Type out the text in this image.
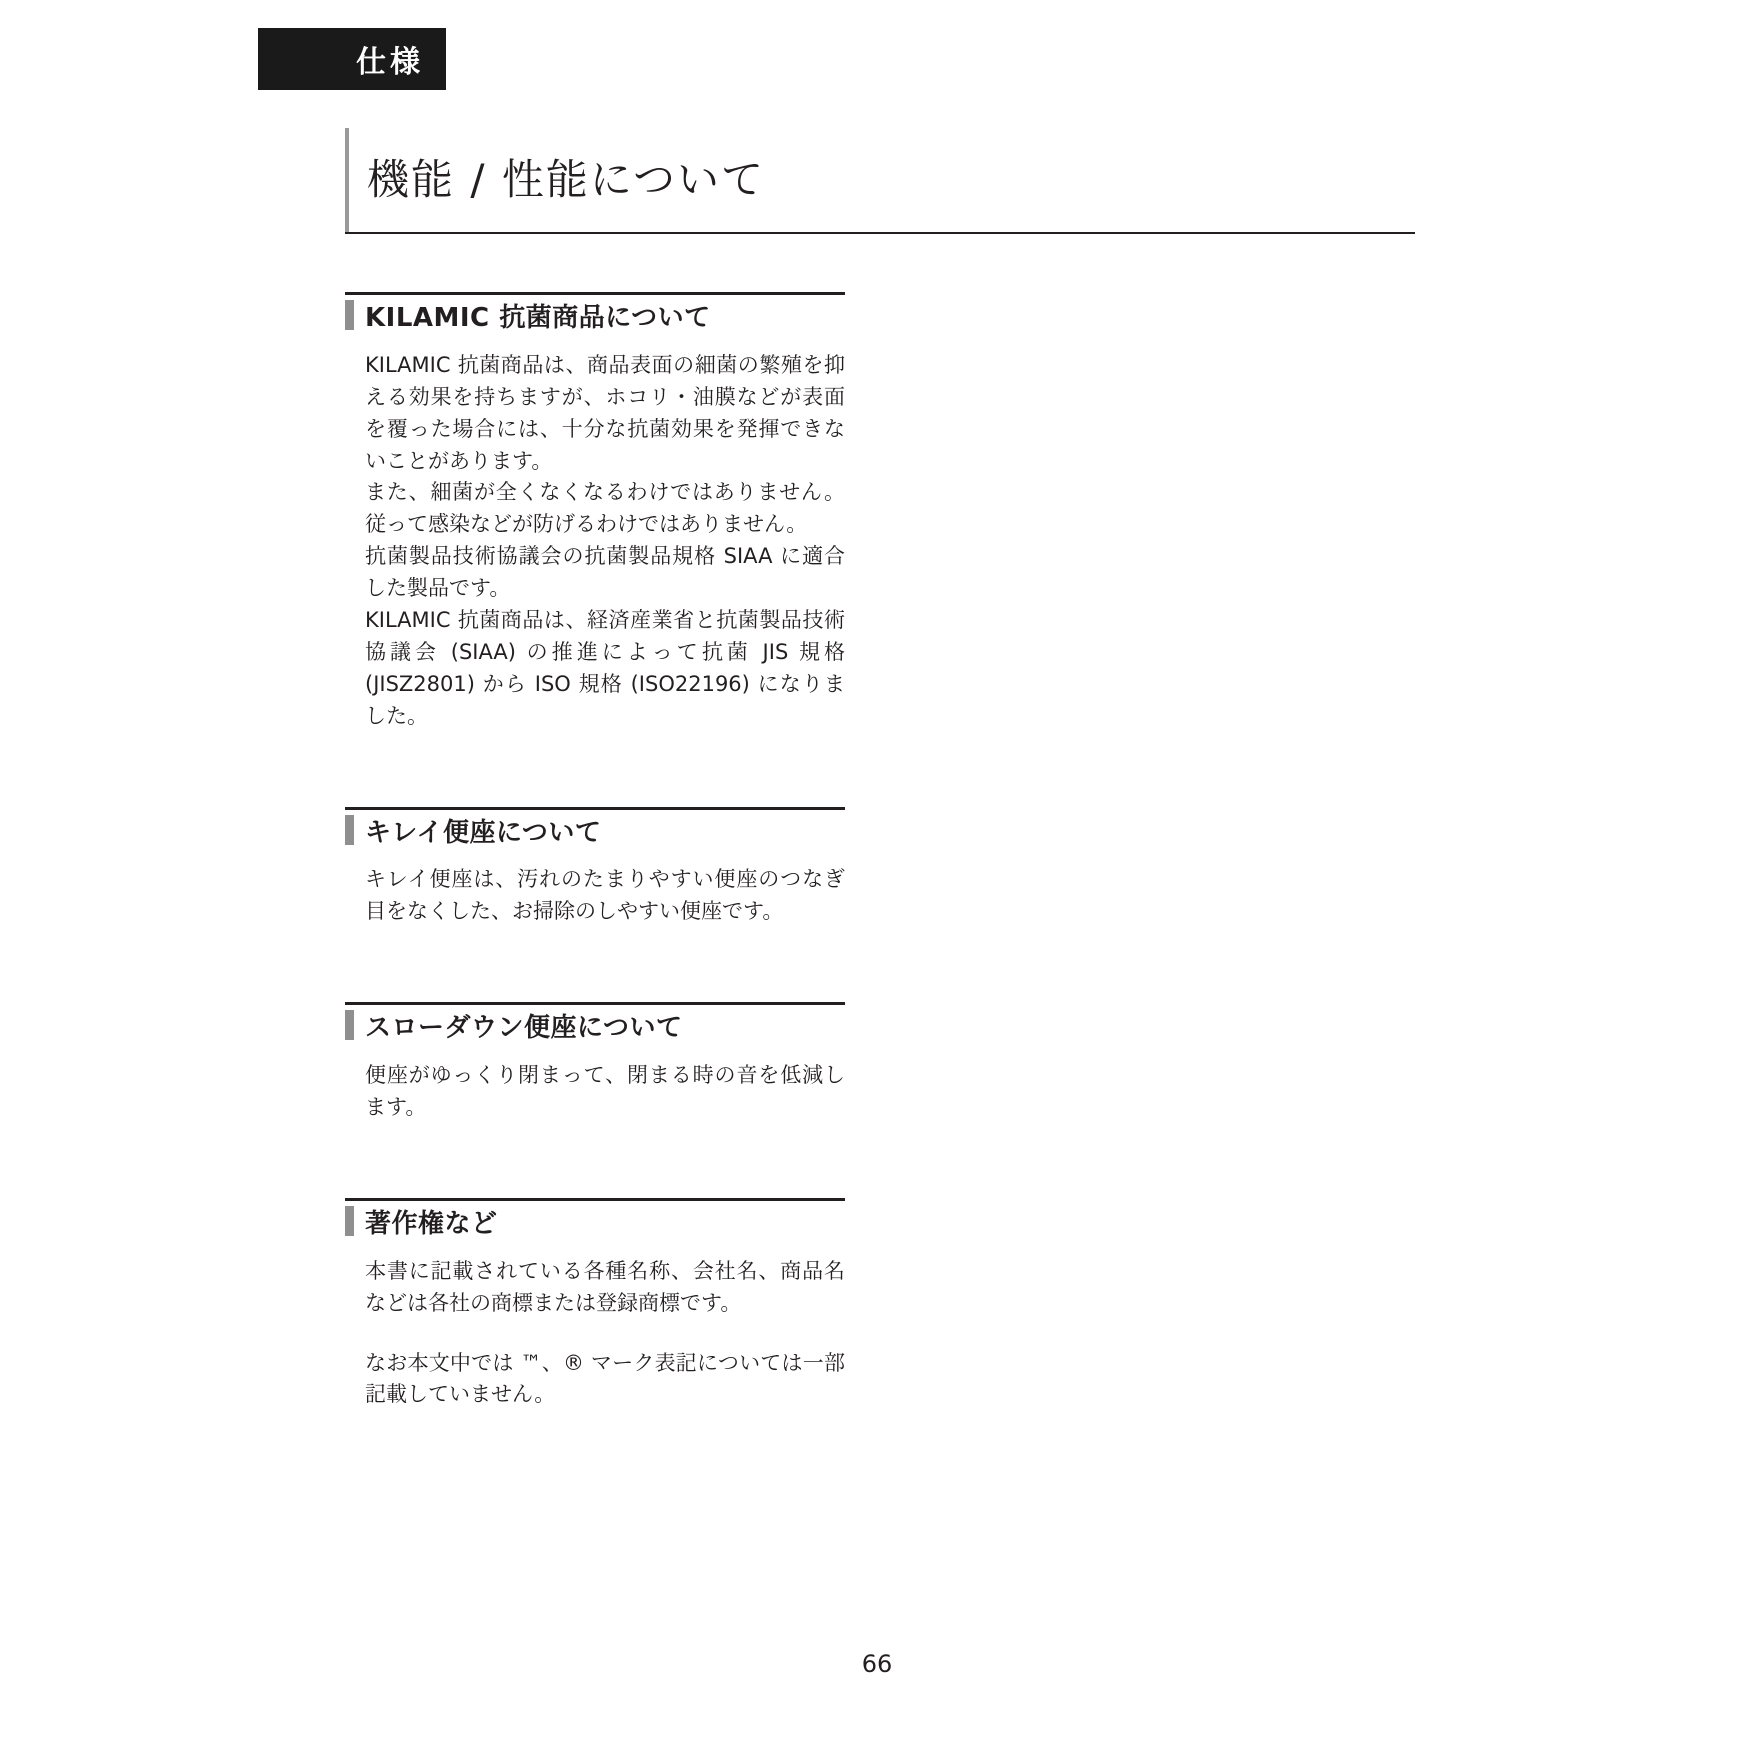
仕様
機能 / 性能について
KILAMIC 抗菌商品について

KILAMIC 抗菌商品は、商品表面の細菌の繁殖を抑える効果を持ちますが、ホコリ・油膜などが表面を覆った場合には、十分な抗菌効果を発揮できないことがあります。

また、細菌が全くなくなるわけではありません。従って感染などが防げるわけではありません。

抗菌製品技術協議会の抗菌製品規格 SIAA に適合した製品です。

KILAMIC 抗菌商品は、経済産業省と抗菌製品技術協議会 (SIAA) の推進によって抗菌 JIS 規格 (JISZ2801) から ISO 規格 (ISO22196) になりました。

キレイ便座について

キレイ便座は、汚れのたまりやすい便座のつなぎ目をなくした、お掃除のしやすい便座です。

スローダウン便座について

便座がゆっくり閉まって、閉まる時の音を低減します。

著作権など

本書に記載されている各種名称、会社名、商品名などは各社の商標または登録商標です。

なお本文中では ™、® マーク表記については一部記載していません。

66
